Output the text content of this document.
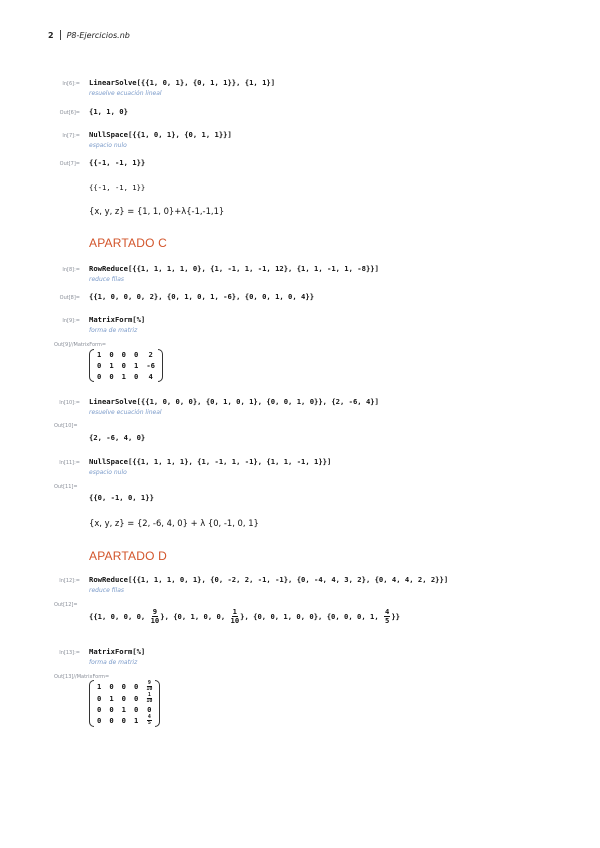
2 P8-Ejercicios.nb
In[6]:= LinearSolve[{{1, 0, 1}, {0, 1, 1}}, {1, 1}]
resuelve ecuación lineal
Out[6]= {1, 1, 0}
In[7]:= NullSpace[{{1, 0, 1}, {0, 1, 1}}]
espacio nulo
Out[7]= {{-1, -1, 1}}
{{-1, -1, 1}}
{x, y, z} = {1, 1, 0}+λ{-1,-1,1}
APARTADO C
In[8]:= RowReduce[{{1, 1, 1, 1, 0}, {1, -1, 1, -1, 12}, {1, 1, -1, 1, -8}}]
reduce filas
Out[8]= {{1, 0, 0, 0, 2}, {0, 1, 0, 1, -6}, {0, 0, 1, 0, 4}}
In[9]:= MatrixForm[%]
forma de matriz
Out[9]//MatrixForm=
1 0 0 0 2
0 1 0 1 -6
0 0 1 0 4
In[10]:= LinearSolve[{{1, 0, 0, 0}, {0, 1, 0, 1}, {0, 0, 1, 0}}, {2, -6, 4}]
resuelve ecuación lineal
Out[10]=
{2, -6, 4, 0}
In[11]:= NullSpace[{{1, 1, 1, 1}, {1, -1, 1, -1}, {1, 1, -1, 1}}]
espacio nulo
Out[11]=
{{0, -1, 0, 1}}
{x, y, z} = {2, -6, 4, 0} + λ {0, -1, 0, 1}
APARTADO D
In[12]:= RowReduce[{{1, 1, 1, 0, 1}, {0, -2, 2, -1, -1}, {0, -4, 4, 3, 2}, {0, 4, 4, 2, 2}}]
reduce filas
Out[12]=
{ {1, 0, 0, 0, $\frac{9}{10}$ }, {0, 1, 0, 0, $\frac{1}{10}$ }, {0, 0, 1, 0, 0}, {0, 0, 0, 1, $\frac{4}{5}$ } }
In[13]:= MatrixForm[%]
forma de matriz
Out[13]//MatrixForm=
1 0 0 $0 \frac{9}{10}$
0 1 0 $0 \frac{1}{10}$
0 0 1 0 0
0 0 0 $1 \frac{4}{5}$
